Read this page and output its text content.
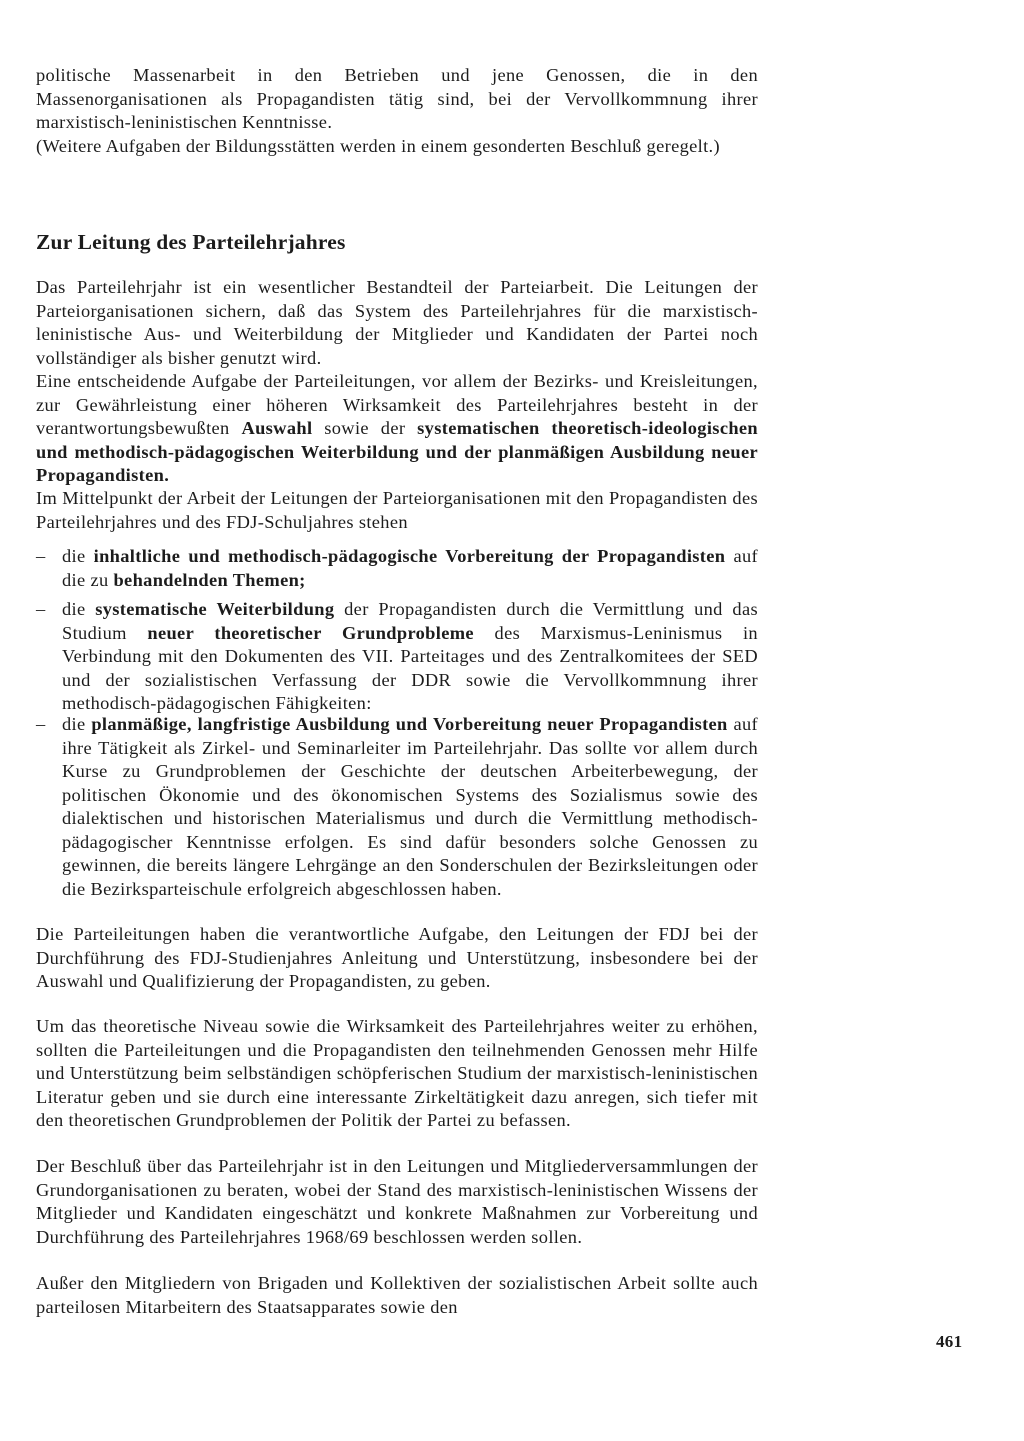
politische Massenarbeit in den Betrieben und jene Genossen, die in den Massenorganisationen als Propagandisten tätig sind, bei der Vervollkommnung ihrer marxistisch-leninistischen Kenntnisse.

(Weitere Aufgaben der Bildungsstätten werden in einem gesonderten Beschluß geregelt.)

Zur Leitung des Parteilehrjahres

Das Parteilehrjahr ist ein wesentlicher Bestandteil der Parteiarbeit. Die Leitungen der Parteiorganisationen sichern, daß das System des Parteilehrjahres für die marxistisch-leninistische Aus- und Weiterbildung der Mitglieder und Kandidaten der Partei noch vollständiger als bisher genutzt wird.

Eine entscheidende Aufgabe der Parteileitungen, vor allem der Bezirks- und Kreisleitungen, zur Gewährleistung einer höheren Wirksamkeit des Parteilehrjahres besteht in der verantwortungsbewußten Auswahl sowie der systematischen theoretisch-ideologischen und methodisch-pädagogischen Weiterbildung und der planmäßigen Ausbildung neuer Propagandisten.

Im Mittelpunkt der Arbeit der Leitungen der Parteiorganisationen mit den Propagandisten des Parteilehrjahres und des FDJ-Schuljahres stehen

– die inhaltliche und methodisch-pädagogische Vorbereitung der Propagandisten auf die zu behandelnden Themen;

– die systematische Weiterbildung der Propagandisten durch die Vermittlung und das Studium neuer theoretischer Grundprobleme des Marxismus-Leninismus in Verbindung mit den Dokumenten des VII. Parteitages und des Zentralkomitees der SED und der sozialistischen Verfassung der DDR sowie die Vervollkommnung ihrer methodisch-pädagogischen Fähigkeiten:

– die planmäßige, langfristige Ausbildung und Vorbereitung neuer Propagandisten auf ihre Tätigkeit als Zirkel- und Seminarleiter im Parteilehrjahr. Das sollte vor allem durch Kurse zu Grundproblemen der Geschichte der deutschen Arbeiterbewegung, der politischen Ökonomie und des ökonomischen Systems des Sozialismus sowie des dialektischen und historischen Materialismus und durch die Vermittlung methodisch-pädagogischer Kenntnisse erfolgen. Es sind dafür besonders solche Genossen zu gewinnen, die bereits längere Lehrgänge an den Sonderschulen der Bezirksleitungen oder die Bezirksparteischule erfolgreich abgeschlossen haben.

Die Parteileitungen haben die verantwortliche Aufgabe, den Leitungen der FDJ bei der Durchführung des FDJ-Studienjahres Anleitung und Unterstützung, insbesondere bei der Auswahl und Qualifizierung der Propagandisten, zu geben.

Um das theoretische Niveau sowie die Wirksamkeit des Parteilehrjahres weiter zu erhöhen, sollten die Parteileitungen und die Propagandisten den teilnehmenden Genossen mehr Hilfe und Unterstützung beim selbständigen schöpferischen Studium der marxistisch-leninistischen Literatur geben und sie durch eine interessante Zirkeltätigkeit dazu anregen, sich tiefer mit den theoretischen Grundproblemen der Politik der Partei zu befassen.

Der Beschluß über das Parteilehrjahr ist in den Leitungen und Mitgliederversammlungen der Grundorganisationen zu beraten, wobei der Stand des marxistisch-leninistischen Wissens der Mitglieder und Kandidaten eingeschätzt und konkrete Maßnahmen zur Vorbereitung und Durchführung des Parteilehrjahres 1968/69 beschlossen werden sollen.

Außer den Mitgliedern von Brigaden und Kollektiven der sozialistischen Arbeit sollte auch parteilosen Mitarbeitern des Staatsapparates sowie den

461
